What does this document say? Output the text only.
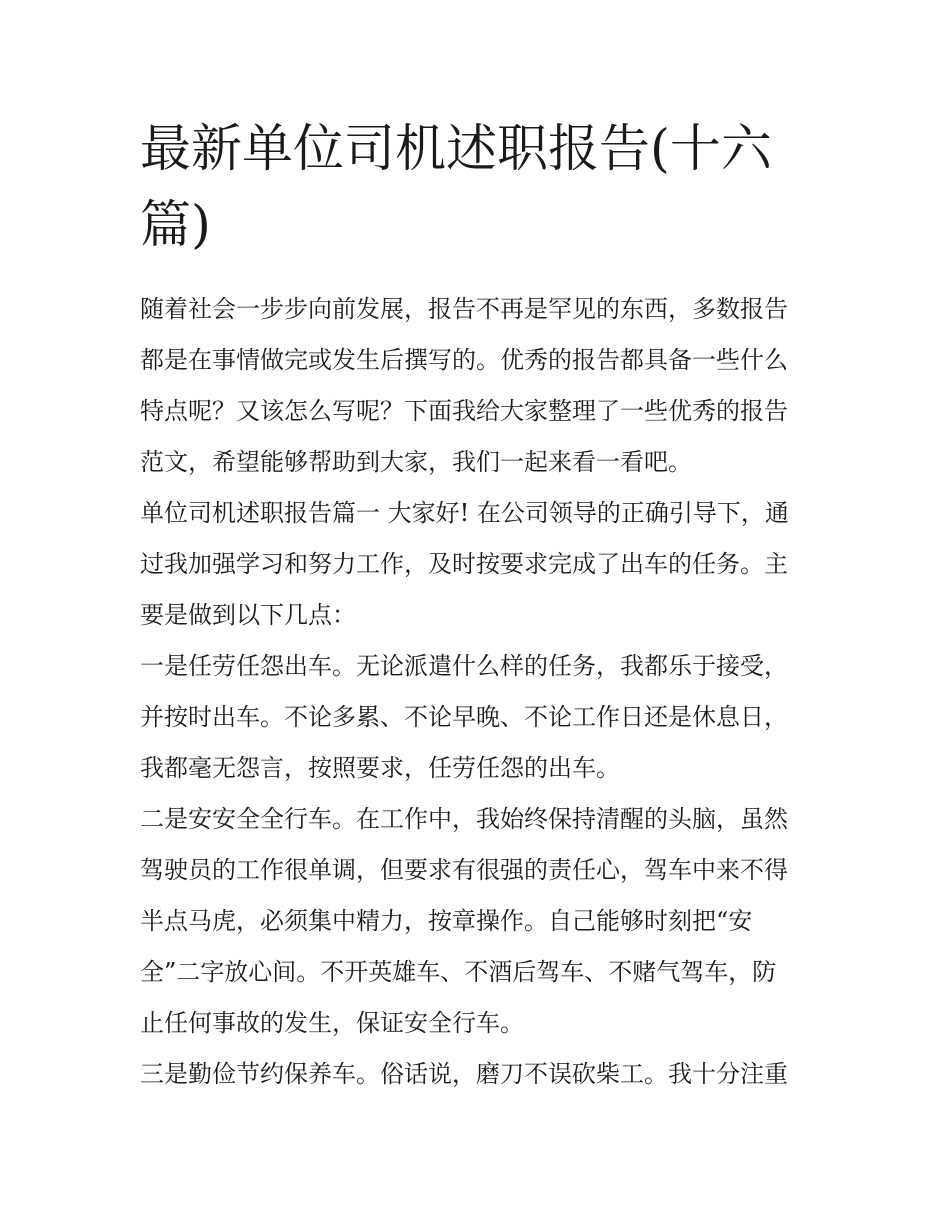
最新单位司机述职报告(十六
篇)

随着社会一步步向前发展，报告不再是罕见的东西，多数报告
都是在事情做完或发生后撰写的。优秀的报告都具备一些什么
特点呢？又该怎么写呢？下面我给大家整理了一些优秀的报告
范文，希望能够帮助到大家，我们一起来看一看吧。

单位司机述职报告篇一 大家好! 在公司领导的正确引导下，通
过我加强学习和努力工作，及时按要求完成了出车的任务。主
要是做到以下几点：

一是任劳任怨出车。无论派遣什么样的任务，我都乐于接受，
并按时出车。不论多累、不论早晚、不论工作日还是休息日，
我都毫无怨言，按照要求，任劳任怨的出车。

二是安安全全行车。在工作中，我始终保持清醒的头脑，虽然
驾驶员的工作很单调，但要求有很强的责任心，驾车中来不得
半点马虎，必须集中精力，按章操作。自己能够时刻把“安
全”二字放心间。不开英雄车、不酒后驾车、不赌气驾车，防
止任何事故的发生，保证安全行车。

三是勤俭节约保养车。俗话说，磨刀不误砍柴工。我十分注重
